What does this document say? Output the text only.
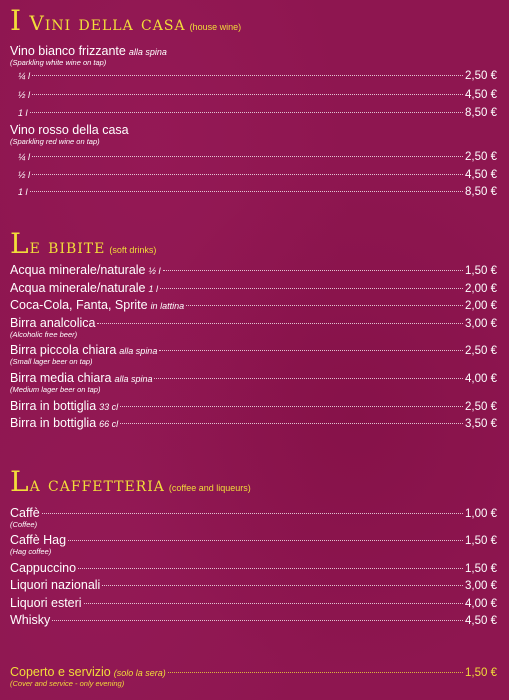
I Vini della casa (house wine)
Vino bianco frizzante alla spina
(Sparkling white wine on tap)
¼ l	2,50 €
½ l	4,50 €
1 l	8,50 €
Vino rosso della casa
(Sparkling red wine on tap)
¼ l	2,50 €
½ l	4,50 €
1 l	8,50 €
Le bibite (soft drinks)
Acqua minerale/naturale ½ l	1,50 €
Acqua minerale/naturale 1 l	2,00 €
Coca-Cola, Fanta, Sprite in lattina	2,00 €
Birra analcolica	3,00 €
(Alcoholic free beer)
Birra piccola chiara alla spina	2,50 €
(Small lager beer on tap)
Birra media chiara alla spina	4,00 €
(Medium lager beer on tap)
Birra in bottiglia 33 cl	2,50 €
Birra in bottiglia 66 cl	3,50 €
La caffetteria (coffee and liqueurs)
Caffè	1,00 €
(Coffee)
Caffè Hag	1,50 €
(Hag coffee)
Cappuccino	1,50 €
Liquori nazionali	3,00 €
Liquori esteri	4,00 €
Whisky	4,50 €
Coperto e servizio (solo la sera)	1,50 €
(Cover and service - only evening)
